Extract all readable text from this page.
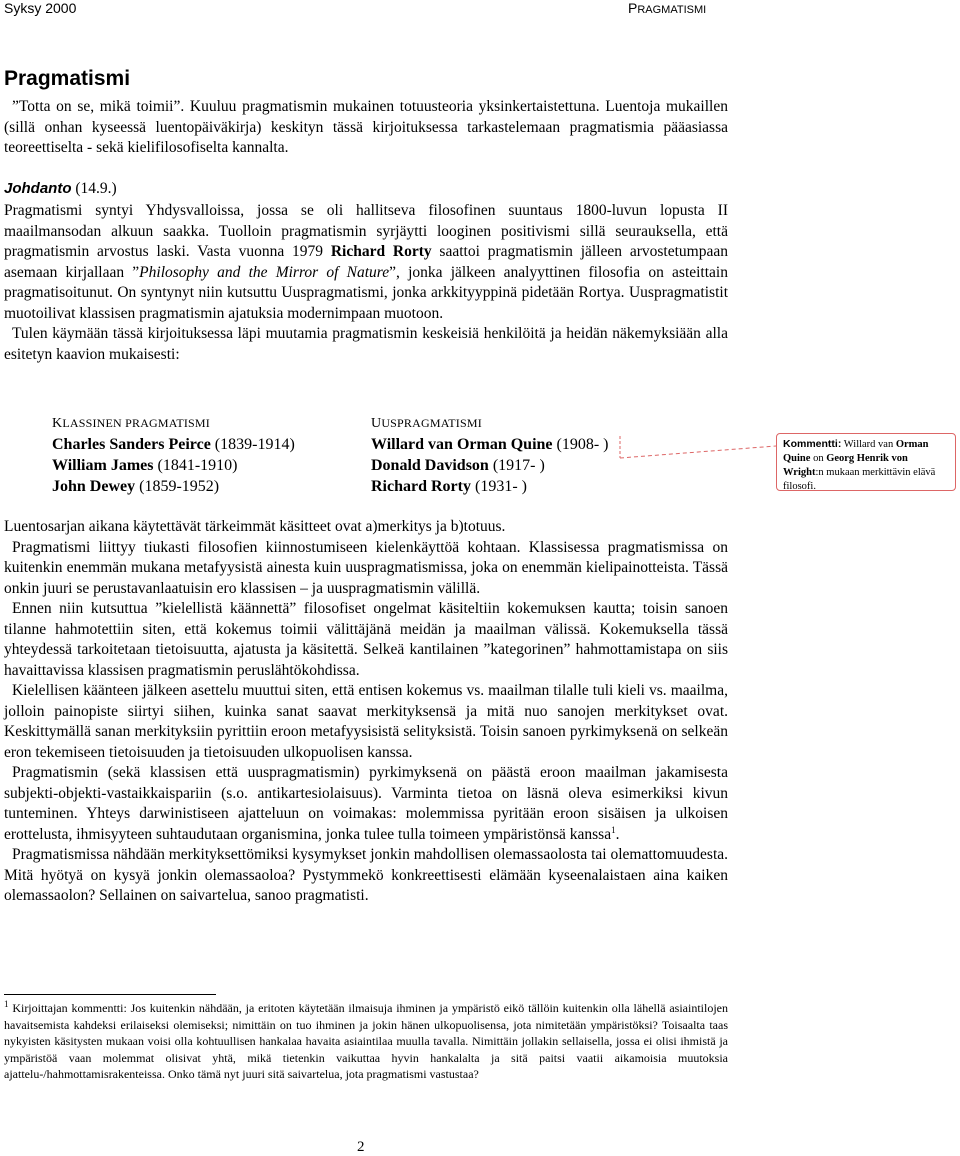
Syksy 2000	PRAGMATISMI
Pragmatismi

”Totta on se, mikä toimii”. Kuuluu pragmatismin mukainen totuusteoria yksinkertaistettuna. Luentoja mukaillen (sillä onhan kyseessä luentopäiväkirja) keskityn tässä kirjoituksessa tarkastelemaan pragmatismia pääasiassa teoreettiselta - sekä kielifilosofiselta kannalta.

Johdanto (14.9.)

Pragmatismi syntyi Yhdysvalloissa, jossa se oli hallitseva filosofinen suuntaus 1800-luvun lopusta II maailmansodan alkuun saakka. Tuolloin pragmatismin syrjäytti looginen positivismi sillä seurauksella, että pragmatismin arvostus laski. Vasta vuonna 1979 Richard Rorty saattoi pragmatismin jälleen arvostetumpaan asemaan kirjallaan ”Philosophy and the Mirror of Nature”, jonka jälkeen analyyttinen filosofia on asteittain pragmatisoitunut. On syntynyt niin kutsuttu Uuspragmatismi, jonka arkkityyppinä pidetään Rortya. Uuspragmatistit muotoilivat klassisen pragmatismin ajatuksia modernimpaan muotoon.

Tulen käymään tässä kirjoituksessa läpi muutamia pragmatismin keskeisiä henkilöitä ja heidän näkemyksiään alla esitetyn kaavion mukaisesti:

KLASSINEN PRAGMATISMI
Charles Sanders Peirce (1839-1914)
William James (1841-1910)
John Dewey (1859-1952)
UUSPRAGMATISMI
Willard van Orman Quine (1908- )
Donald Davidson (1917- )
Richard Rorty (1931- )
Kommentti: Willard van Orman Quine on Georg Henrik von Wright:n mukaan merkittävin elävä filosofi.

Luentosarjan aikana käytettävät tärkeimmät käsitteet ovat a)merkitys ja b)totuus.

Pragmatismi liittyy tiukasti filosofien kiinnostumiseen kielenkäyttöä kohtaan. Klassisessa pragmatismissa on kuitenkin enemmän mukana metafyysistä ainesta kuin uuspragmatismissa, joka on enemmän kielipainotteista. Tässä onkin juuri se perustavanlaatuisin ero klassisen – ja uuspragmatismin välillä.

Ennen niin kutsuttua ”kielellistä käännettä” filosofiset ongelmat käsiteltiin kokemuksen kautta; toisin sanoen tilanne hahmotettiin siten, että kokemus toimii välittäjänä meidän ja maailman välissä. Kokemuksella tässä yhteydessä tarkoitetaan tietoisuutta, ajatusta ja käsitettä. Selkeä kantilainen ”kategorinen” hahmottamistapa on siis havaittavissa klassisen pragmatismin peruslähtökohdissa.

Kielellisen käänteen jälkeen asettelu muuttui siten, että entisen kokemus vs. maailman tilalle tuli kieli vs. maailma, jolloin painopiste siirtyi siihen, kuinka sanat saavat merkityksensä ja mitä nuo sanojen merkitykset ovat. Keskittymällä sanan merkityksiin pyrittiin eroon metafyysisistä selityksistä. Toisin sanoen pyrkimyksenä on selkeän eron tekemiseen tietoisuuden ja tietoisuuden ulkopuolisen kanssa.

Pragmatismin (sekä klassisen että uuspragmatismin) pyrkimyksenä on päästä eroon maailman jakamisesta subjekti-objekti-vastaikkaispariin (s.o. antikartesiolaisuus). Varminta tietoa on läsnä oleva esimerkiksi kivun tunteminen. Yhteys darwinistiseen ajatteluun on voimakas: molemmissa pyritään eroon sisäisen ja ulkoisen erottelusta, ihmisyyteen suhtaudutaan organismina, jonka tulee tulla toimeen ympäristönsä kanssa$^1$.

Pragmatismissa nähdään merkityksettömiksi kysymykset jonkin mahdollisen olemassaolosta tai olemattomuudesta. Mitä hyötyä on kysyä jonkin olemassaoloa? Pystymmekö konkreettisesti elämään kyseenalaistaen aina kaiken olemassaolon? Sellainen on saivartelua, sanoo pragmatisti.

$^1$ Kirjoittajan kommentti: Jos kuitenkin nähdään, ja eritoten käytetään ilmaisuja ihminen ja ympäristö eikö tällöin kuitenkin olla lähellä asiaintilojen havaitsemista kahdeksi erilaiseksi olemiseksi; nimittäin on tuo ihminen ja jokin hänen ulkopuolisensa, jota nimitetään ympäristöksi? Toisaalta taas nykyisten käsitysten mukaan voisi olla kohtuullisen hankalaa havaita asiaintilaa muulla tavalla. Nimittäin jollakin sellaisella, jossa ei olisi ihmistä ja ympäristöä vaan molemmat olisivat yhtä, mikä tietenkin vaikuttaa hyvin hankalalta ja sitä paitsi vaatii aikamoisia muutoksia ajattelu-/hahmottamisrakenteissa. Onko tämä nyt juuri sitä saivartelua, jota pragmatismi vastustaa?
2
